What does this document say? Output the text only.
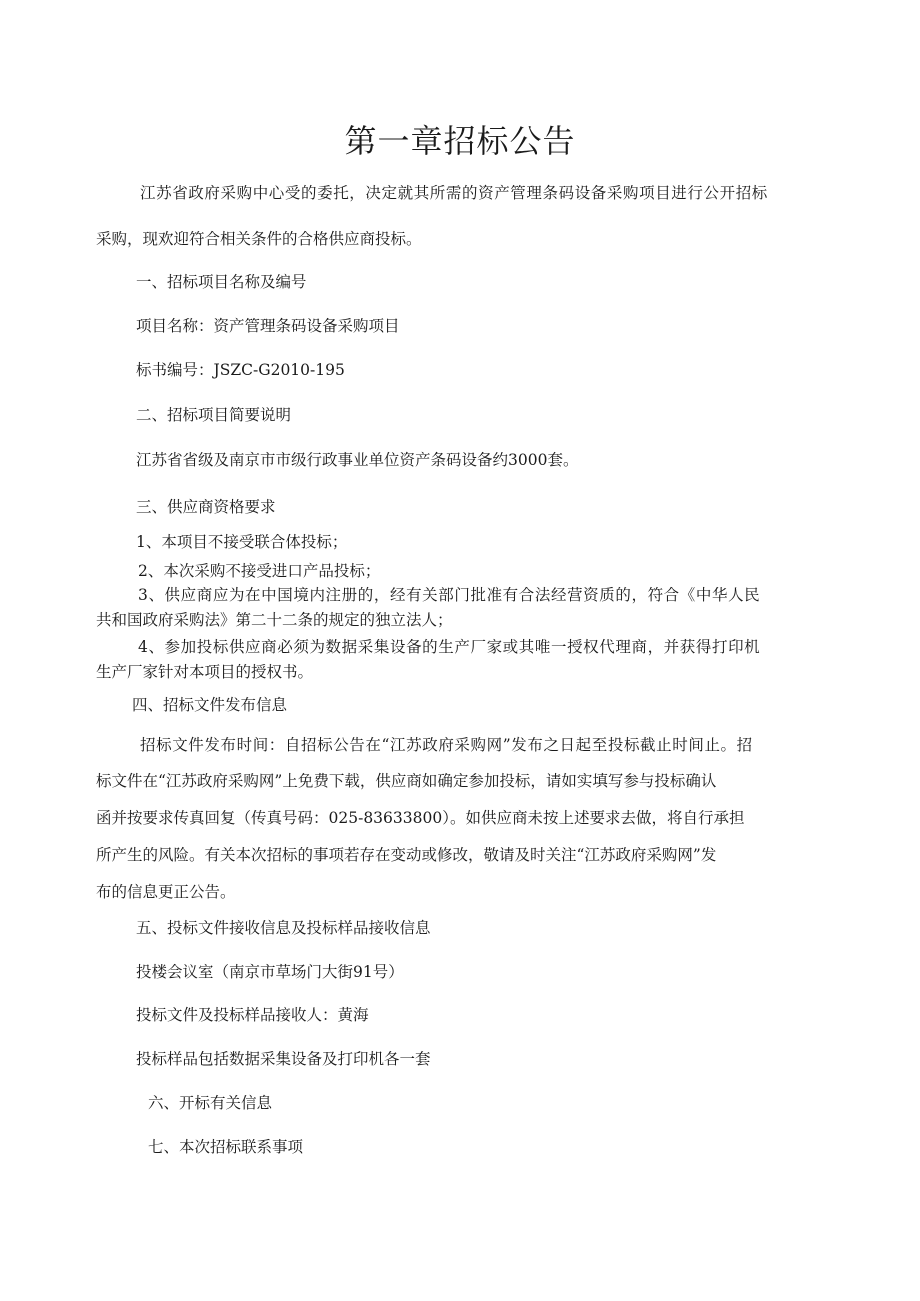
第一章招标公告

江苏省政府采购中心受的委托，决定就其所需的资产管理条码设备采购项目进行公开招标

采购，现欢迎符合相关条件的合格供应商投标。

一、招标项目名称及编号

项目名称：资产管理条码设备采购项目

标书编号：JSZC-G2010-195

二、招标项目简要说明

江苏省省级及南京市市级行政事业单位资产条码设备约3000套。

三、供应商资格要求

1、本项目不接受联合体投标；

2、本次采购不接受进口产品投标；

3、供应商应为在中国境内注册的，经有关部门批准有合法经营资质的，符合《中华人民

共和国政府采购法》第二十二条的规定的独立法人；

4、参加投标供应商必须为数据采集设备的生产厂家或其唯一授权代理商，并获得打印机

生产厂家针对本项目的授权书。

四、招标文件发布信息

招标文件发布时间：自招标公告在“江苏政府采购网”发布之日起至投标截止时间止。招

标文件在“江苏政府采购网”上免费下载，供应商如确定参加投标，请如实填写参与投标确认

函并按要求传真回复（传真号码：025-83633800）。如供应商未按上述要求去做，将自行承担

所产生的风险。有关本次招标的事项若存在变动或修改，敬请及时关注“江苏政府采购网”发

布的信息更正公告。

五、投标文件接收信息及投标样品接收信息

投楼会议室（南京市草场门大街91号）

投标文件及投标样品接收人：黄海

投标样品包括数据采集设备及打印机各一套

六、开标有关信息

七、本次招标联系事项
